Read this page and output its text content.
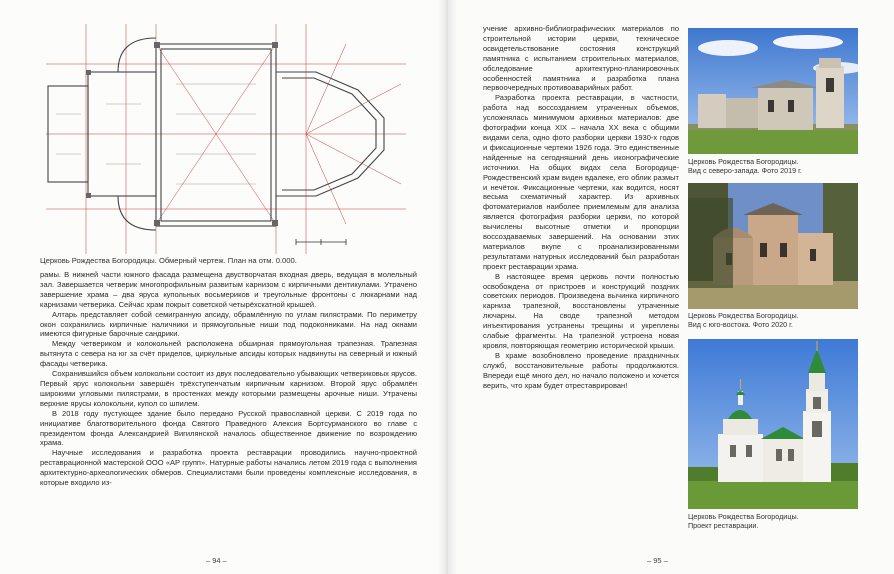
Церковь Рождества Богородицы. Обмерный чертеж. План на отм. 0.000.

рамы. В нижней части южного фасада размещена двустворчатая входная дверь, ведущая в молельный зал. Завершается четверик многопрофильным развитым карнизом с кирпичными дентикулами. Утрачено завершение храма – два яруса купольных восьмериков и треугольные фронтоны с люкарнами над карнизами четверика. Сейчас храм покрыт советской четырёхскатной крышей.

Алтарь представляет собой семигранную апсиду, обрамлённую по углам пилястрами. По периметру окон сохранились кирпичные наличники и прямоугольные ниши под подоконниками. На над окнами имеются фигурные барочные сандрики.

Между четвериком и колокольней расположена обширная прямоугольная трапезная. Трапезная вытянута с севера на юг за счёт приделов, циркульные апсиды которых надвинуты на северный и южный фасады четверика.

Сохранившийся объем колокольни состоит из двух последовательно убывающих четвериковых ярусов. Первый ярус колокольни завершён трёхступенчатым кирпичным карнизом. Второй ярус обрамлён широкими угловыми пилястрами, в простенках между которыми размещены арочные ниши. Утрачены верхние ярусы колокольни, купол со шпилем.

В 2018 году пустующее здание было передано Русской православной церкви. С 2019 года по инициативе благотворительного фонда Святого Праведного Алексия Бортсурманского во главе с президентом фонда Александрией Вигилянской началось общественное движение по возрождению храма.

Научные исследования и разработка проекта реставрации проводились научно-проектной реставрационной мастерской ООО «АР групп». Натурные работы начались летом 2019 года с выполнения архитектурно-археологических обмеров. Специалистами были проведены комплексные исследования, в которые входило из-

– 94 –	– 95 –

учение архивно-библиографических материалов по строительной истории церкви, техническое освидетельствование состояния конструкций памятника с испытанием строительных материалов, обследование архитектурно-планировочных особенностей памятника и разработка плана первоочередных противоаварийных работ.

Разработка проекта реставрации, в частности, работа над воссозданием утраченных объемов, усложнялась минимумом архивных материалов: две фотографии конца XIX – начала XX века с общими видами села, одно фото разборки церкви 1930-х годов и фиксационные чертежи 1926 года. Это единственные найденные на сегодняшний день иконографические источники. На общих видах села Богородице-Рождественский храм виден вдалеке, его облик размыт и нечёток. Фиксационные чертежи, как водится, носят весьма схематичный характер. Из архивных фотоматериалов наиболее приемлемым для анализа является фотография разборки церкви, по которой вычислены высотные отметки и пропорции воссоздаваемых завершений. На основании этих материалов вкупе с проанализированными результатами натурных исследований был разработан проект реставрации храма.

В настоящее время церковь почти полностью освобождена от пристроев и конструкций поздних советских периодов. Произведена вычинка кирпичного карниза трапезной, восстановлены утраченные лючарны. На своде трапезной методом инъектирования устранены трещины и укреплены слабые фрагменты. На трапезной устроена новая кровля, повторяющая геометрию исторической крыши.

В храме возобновлено проведение праздничных служб, восстановительные работы продолжаются. Впереди ещё много дел, но начало положено и хочется верить, что храм будет отреставрирован!

Церковь Рождества Богородицы.
Вид с северо-запада. Фото 2019 г.
Церковь Рождества Богородицы.
Вид с юго-востока. Фото 2020 г.
Церковь Рождества Богородицы.
Проект реставрации.
